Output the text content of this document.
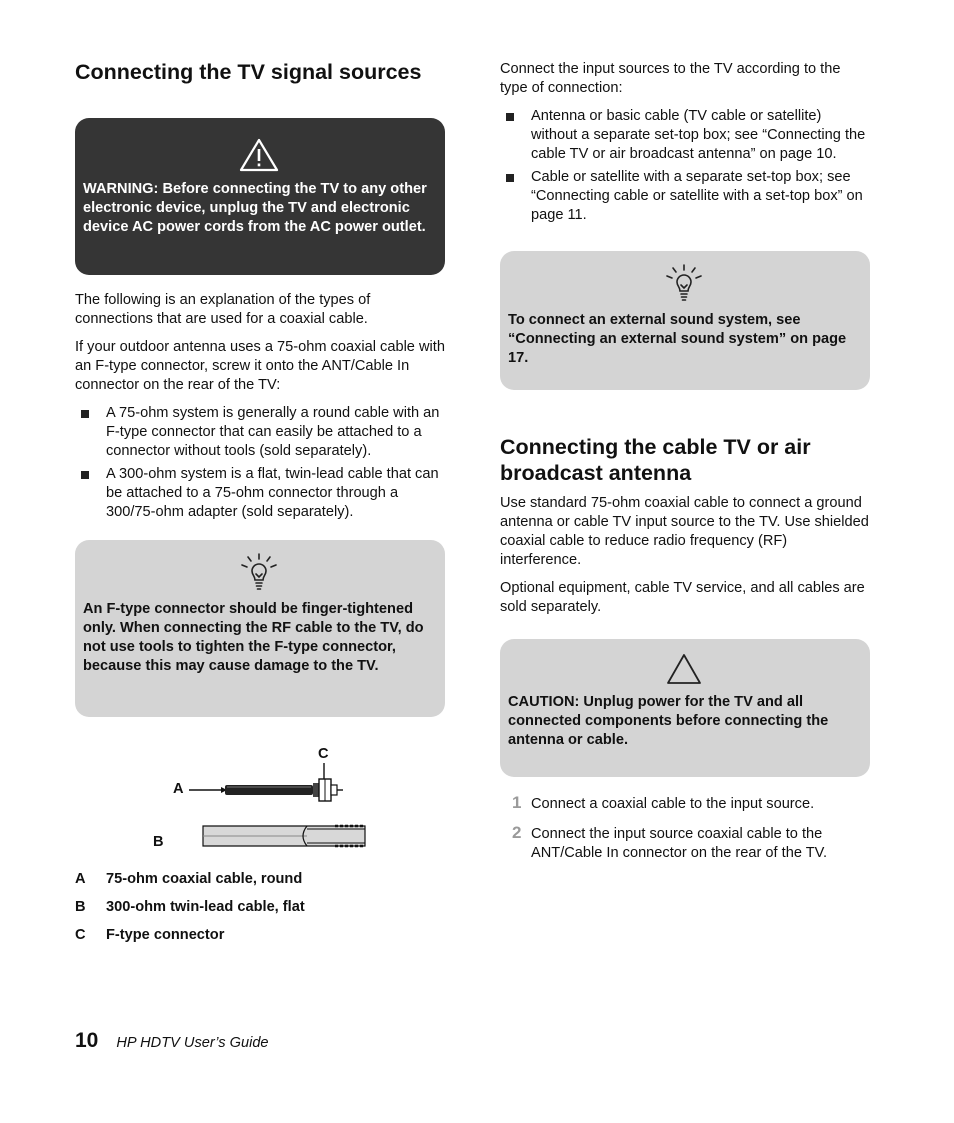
Connecting the TV signal sources
WARNING: Before connecting the TV to any other electronic device, unplug the TV and electronic device AC power cords from the AC power outlet.

The following is an explanation of the types of connections that are used for a coaxial cable.

If your outdoor antenna uses a 75-ohm coaxial cable with an F-type connector, screw it onto the ANT/Cable In connector on the rear of the TV:

A 75-ohm system is generally a round cable with an F-type connector that can easily be attached to a connector without tools (sold separately).
A 300-ohm system is a flat, twin-lead cable that can be attached to a 75-ohm connector through a 300/75-ohm adapter (sold separately).
An F-type connector should be finger-tightened only. When connecting the RF cable to the TV, do not use tools to tighten the F-type connector, because this may cause damage to the TV.
C
A
B
A	75-ohm coaxial cable, round
B	300-ohm twin-lead cable, flat
C	F-type connector

Connect the input sources to the TV according to the type of connection:

Antenna or basic cable (TV cable or satellite) without a separate set-top box; see “Connecting the cable TV or air broadcast antenna” on page 10.
Cable or satellite with a separate set-top box; see “Connecting cable or satellite with a set-top box” on page 11.
To connect an external sound system, see “Connecting an external sound system” on page 17.
Connecting the cable TV or air broadcast antenna

Use standard 75-ohm coaxial cable to connect a ground antenna or cable TV input source to the TV. Use shielded coaxial cable to reduce radio frequency (RF) interference.

Optional equipment, cable TV service, and all cables are sold separately.

CAUTION: Unplug power for the TV and all connected components before connecting the antenna or cable.
1 Connect a coaxial cable to the input source.
2 Connect the input source coaxial cable to the ANT/Cable In connector on the rear of the TV.
10 HP HDTV User’s Guide
